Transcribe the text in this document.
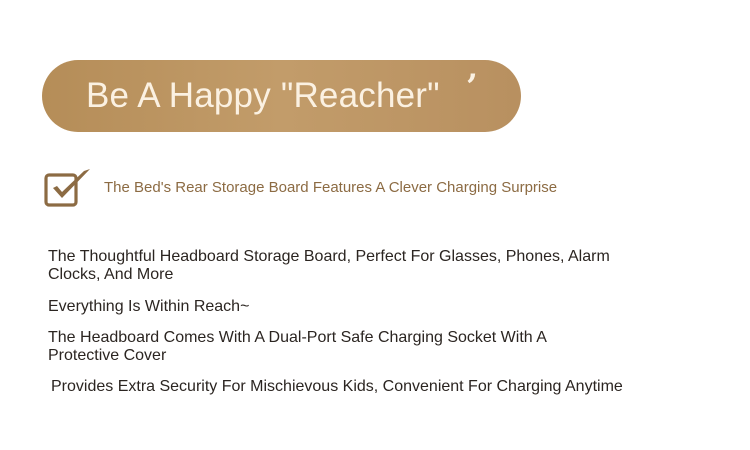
Be A Happy "Reacher" ’
The Bed's Rear Storage Board Features A Clever Charging Surprise

The Thoughtful Headboard Storage Board, Perfect For Glasses, Phones, Alarm Clocks, And More

Everything Is Within Reach~

The Headboard Comes With A Dual-Port Safe Charging Socket With A Protective Cover

Provides Extra Security For Mischievous Kids, Convenient For Charging Anytime
